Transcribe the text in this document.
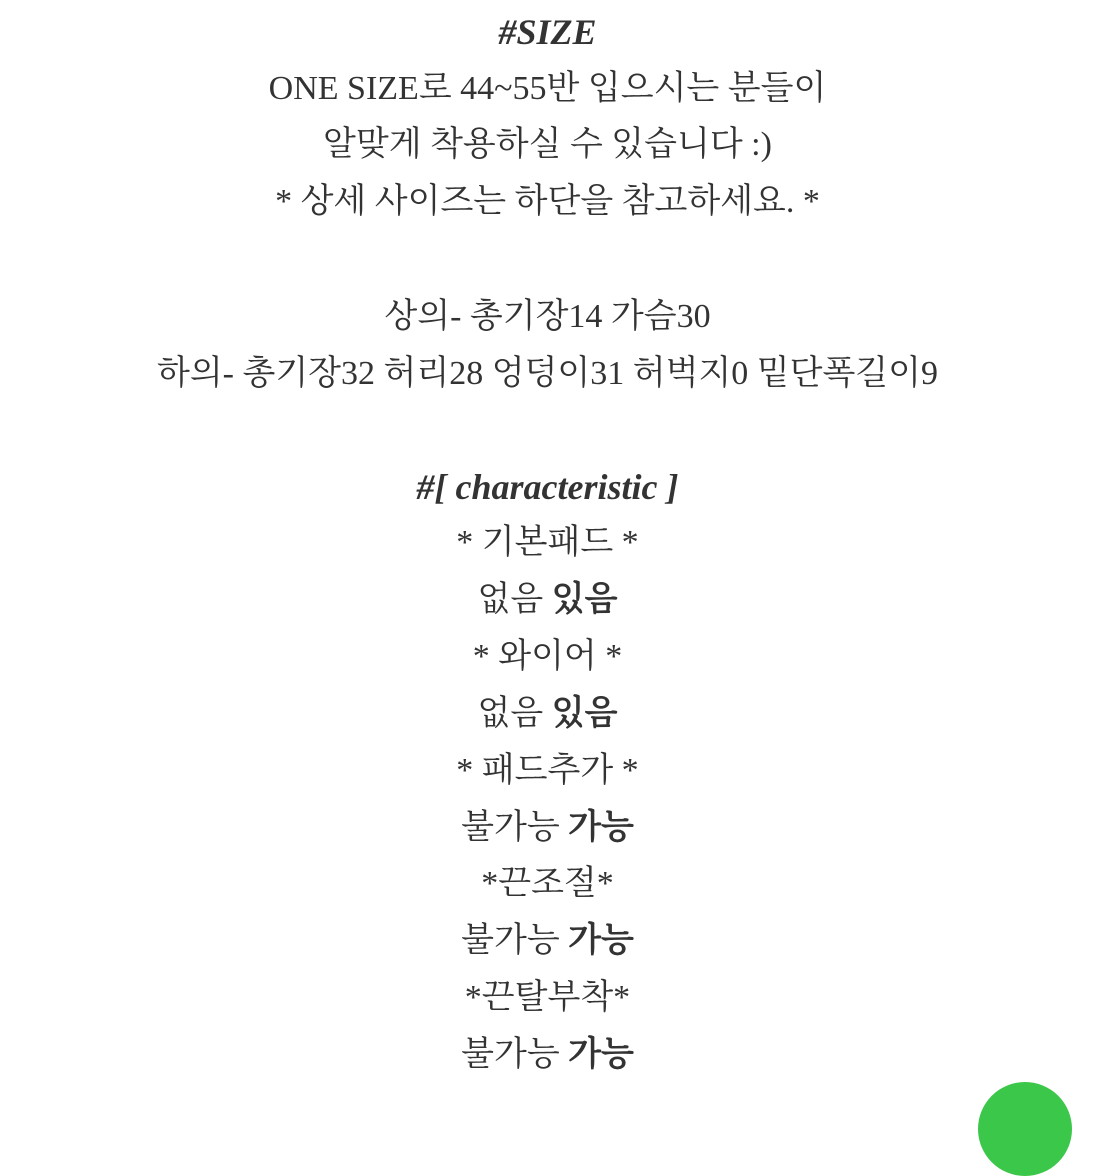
#SIZE
ONE SIZE로 44~55반 입으시는 분들이
알맞게 착용하실 수 있습니다 :)
* 상세 사이즈는 하단을 참고하세요. *
상의- 총기장14 가슴30
하의- 총기장32 허리28 엉덩이31 허벅지0 밑단폭길이9
#[ characteristic ]
* 기본패드 *
없음 있음
* 와이어 *
없음 있음
* 패드추가 *
불가능 가능
*끈조절*
불가능 가능
*끈탈부착*
불가능 가능
